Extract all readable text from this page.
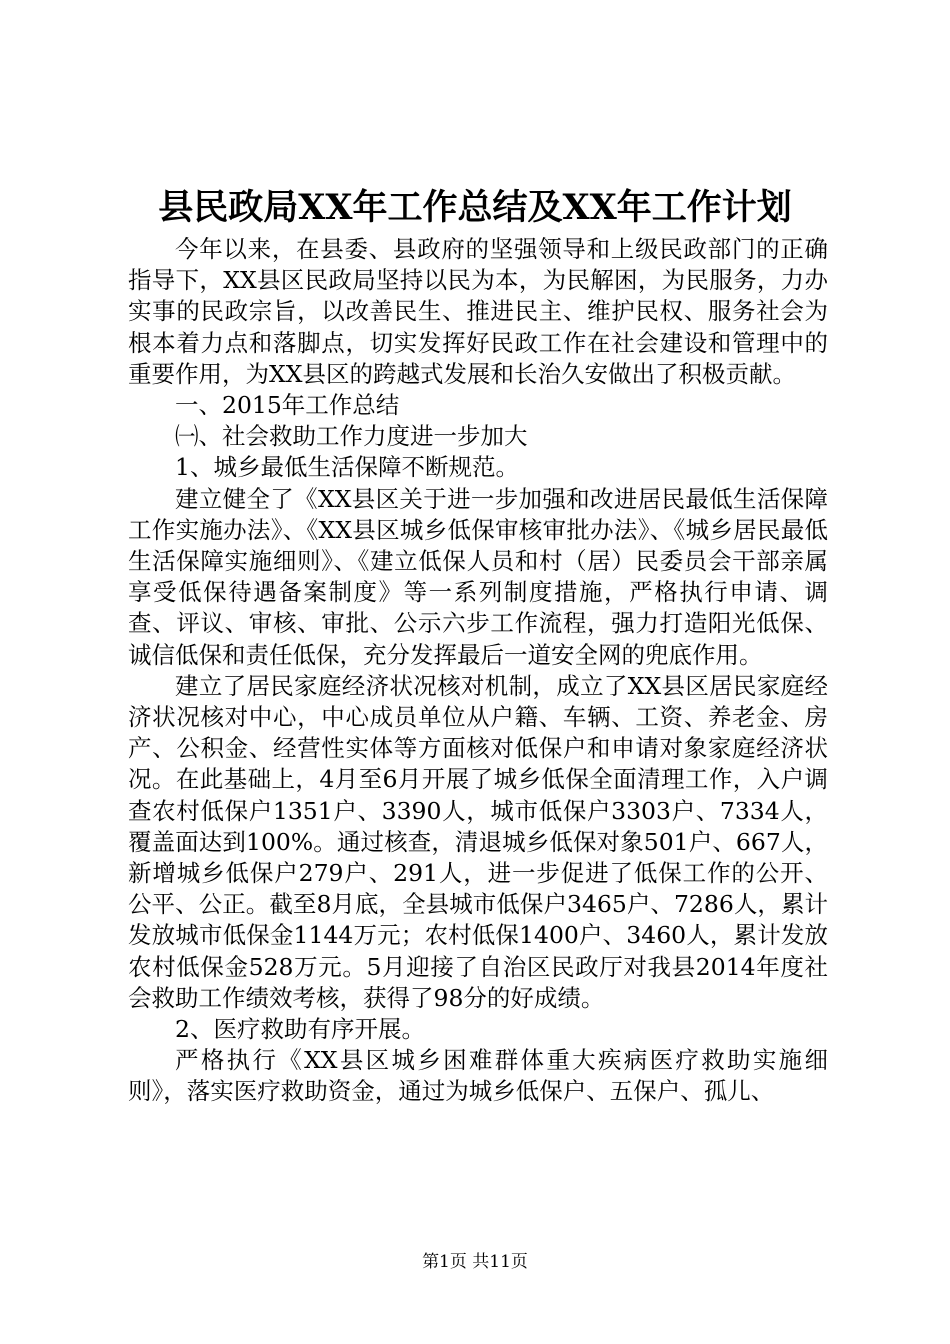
县民政局XX年工作总结及XX年工作计划

今年以来，在县委、县政府的坚强领导和上级民政部门的正确指导下，XX县区民政局坚持以民为本，为民解困，为民服务，力办实事的民政宗旨，以改善民生、推进民主、维护民权、服务社会为根本着力点和落脚点，切实发挥好民政工作在社会建设和管理中的重要作用，为XX县区的跨越式发展和长治久安做出了积极贡献。

一、2015年工作总结

㈠、社会救助工作力度进一步加大

1、城乡最低生活保障不断规范。

建立健全了《XX县区关于进一步加强和改进居民最低生活保障工作实施办法》、《XX县区城乡低保审核审批办法》、《城乡居民最低生活保障实施细则》、《建立低保人员和村（居）民委员会干部亲属享受低保待遇备案制度》等一系列制度措施，严格执行申请、调查、评议、审核、审批、公示六步工作流程，强力打造阳光低保、诚信低保和责任低保，充分发挥最后一道安全网的兜底作用。

建立了居民家庭经济状况核对机制，成立了XX县区居民家庭经济状况核对中心，中心成员单位从户籍、车辆、工资、养老金、房产、公积金、经营性实体等方面核对低保户和申请对象家庭经济状况。在此基础上，4月至6月开展了城乡低保全面清理工作，入户调查农村低保户1351户、3390人，城市低保户3303户、7334人，覆盖面达到100%。通过核查，清退城乡低保对象501户、667人，新增城乡低保户279户、291人，进一步促进了低保工作的公开、公平、公正。截至8月底，全县城市低保户3465户、7286人，累计发放城市低保金1144万元；农村低保1400户、3460人，累计发放农村低保金528万元。5月迎接了自治区民政厅对我县2014年度社会救助工作绩效考核，获得了98分的好成绩。

2、医疗救助有序开展。

严格执行《XX县区城乡困难群体重大疾病医疗救助实施细则》，落实医疗救助资金，通过为城乡低保户、五保户、孤儿、

第1页 共11页
